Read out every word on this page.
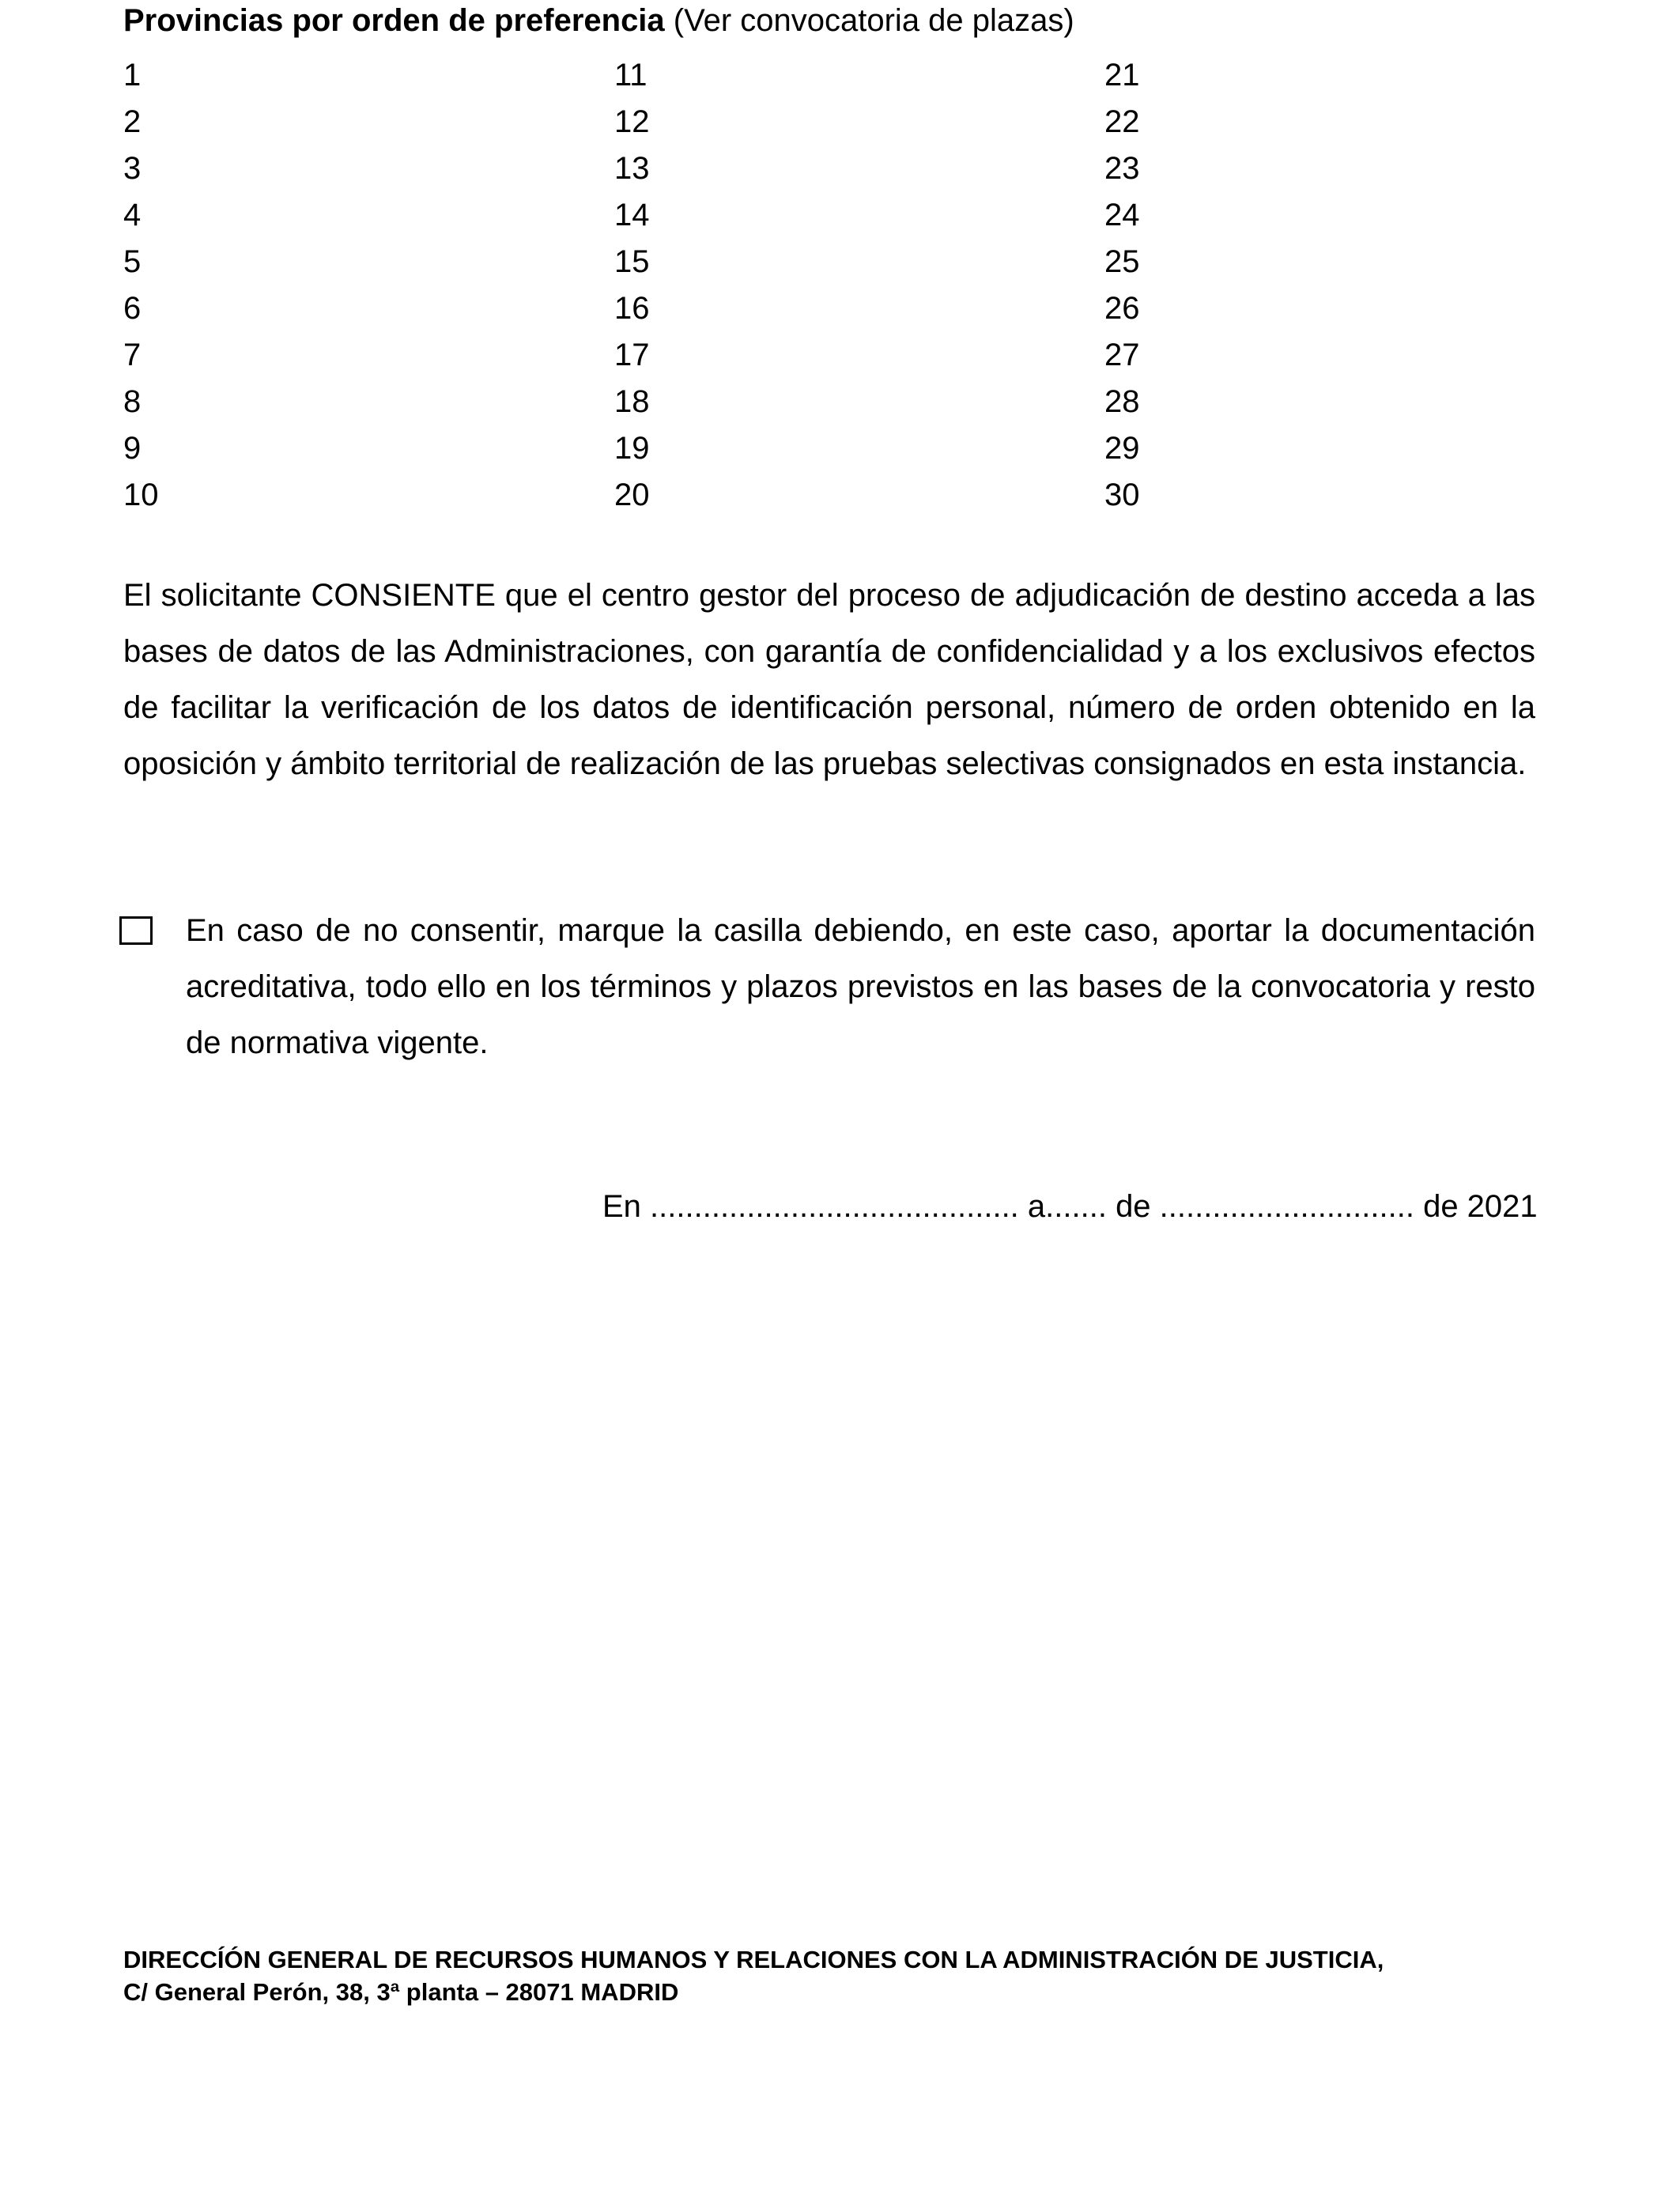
Provincias por orden de preferencia (Ver convocatoria de plazas)
1
2
3
4
5
6
7
8
9
10
11
12
13
14
15
16
17
18
19
20
21
22
23
24
25
26
27
28
29
30
El solicitante CONSIENTE que el centro gestor del proceso de adjudicación de destino acceda a las bases de datos de las Administraciones, con garantía de confidencialidad y a los exclusivos efectos de facilitar la verificación de los datos de identificación personal, número de orden obtenido en la oposición y ámbito territorial de realización de las pruebas selectivas consignados en esta instancia.
En caso de no consentir, marque la casilla debiendo, en este caso, aportar la documentación acreditativa, todo ello en los términos y plazos previstos en las bases de la convocatoria y resto de normativa vigente.
En .......................................... a....... de ............................. de 2021
DIRECCÍÓN GENERAL DE RECURSOS HUMANOS Y RELACIONES CON LA ADMINISTRACIÓN DE JUSTICIA,
C/ General Perón, 38, 3ª planta – 28071 MADRID
